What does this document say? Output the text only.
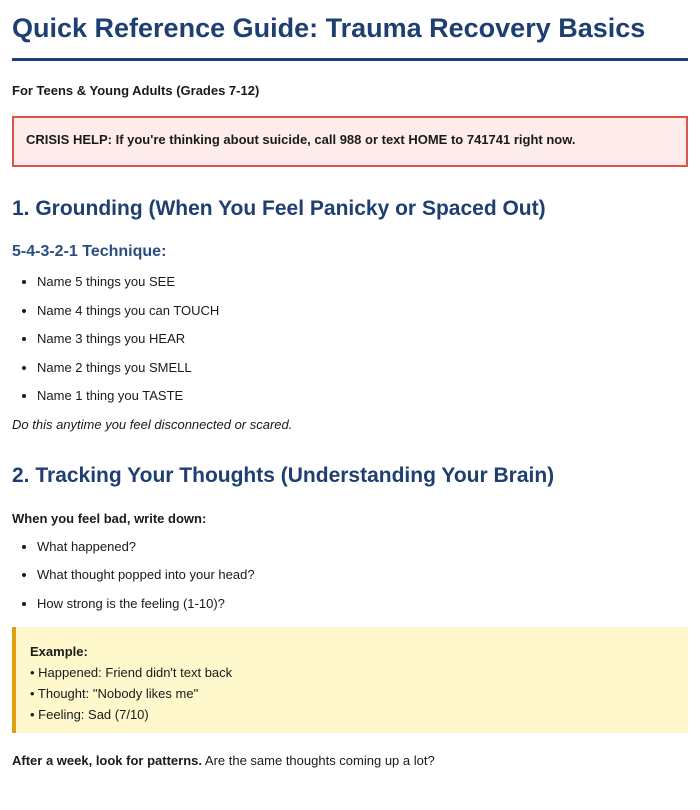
Quick Reference Guide: Trauma Recovery Basics

For Teens & Young Adults (Grades 7-12)

CRISIS HELP: If you're thinking about suicide, call 988 or text HOME to 741741 right now.
1. Grounding (When You Feel Panicky or Spaced Out)
5-4-3-2-1 Technique:
• Name 5 things you SEE
• Name 4 things you can TOUCH
• Name 3 things you HEAR
• Name 2 things you SMELL
• Name 1 thing you TASTE

Do this anytime you feel disconnected or scared.

2. Tracking Your Thoughts (Understanding Your Brain)

When you feel bad, write down:

• What happened?
• What thought popped into your head?
• How strong is the feeling (1-10)?
Example:
• Happened: Friend didn't text back
• Thought: "Nobody likes me"
• Feeling: Sad (7/10)

After a week, look for patterns. Are the same thoughts coming up a lot?
